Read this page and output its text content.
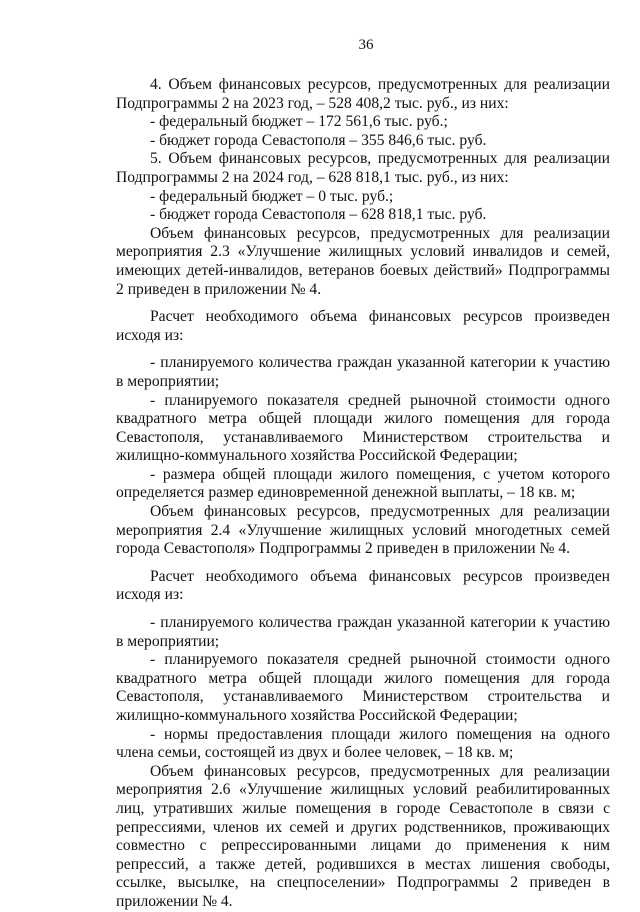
36

4. Объем финансовых ресурсов, предусмотренных для реализации Подпрограммы 2 на 2023 год, – 528 408,2 тыс. руб., из них:

- федеральный бюджет – 172 561,6 тыс. руб.;

- бюджет города Севастополя – 355 846,6 тыс. руб.

5. Объем финансовых ресурсов, предусмотренных для реализации Подпрограммы 2 на 2024 год, – 628 818,1 тыс. руб., из них:

- федеральный бюджет – 0 тыс. руб.;

- бюджет города Севастополя – 628 818,1 тыс. руб.

Объем финансовых ресурсов, предусмотренных для реализации мероприятия 2.3 «Улучшение жилищных условий инвалидов и семей, имеющих детей-инвалидов, ветеранов боевых действий» Подпрограммы 2 приведен в приложении № 4.

Расчет необходимого объема финансовых ресурсов произведен исходя из:

- планируемого количества граждан указанной категории к участию в мероприятии;

- планируемого показателя средней рыночной стоимости одного квадратного метра общей площади жилого помещения для города Севастополя, устанавливаемого Министерством строительства и жилищно-коммунального хозяйства Российской Федерации;

- размера общей площади жилого помещения, с учетом которого определяется размер единовременной денежной выплаты, – 18 кв. м;

Объем финансовых ресурсов, предусмотренных для реализации мероприятия 2.4 «Улучшение жилищных условий многодетных семей города Севастополя» Подпрограммы 2 приведен в приложении № 4.

Расчет необходимого объема финансовых ресурсов произведен исходя из:

- планируемого количества граждан указанной категории к участию в мероприятии;

- планируемого показателя средней рыночной стоимости одного квадратного метра общей площади жилого помещения для города Севастополя, устанавливаемого Министерством строительства и жилищно-коммунального хозяйства Российской Федерации;

- нормы предоставления площади жилого помещения на одного члена семьи, состоящей из двух и более человек, – 18 кв. м;

Объем финансовых ресурсов, предусмотренных для реализации мероприятия 2.6 «Улучшение жилищных условий реабилитированных лиц, утративших жилые помещения в городе Севастополе в связи с репрессиями, членов их семей и других родственников, проживающих совместно с репрессированными лицами до применения к ним репрессий, а также детей, родившихся в местах лишения свободы, ссылке, высылке, на спецпоселении» Подпрограммы 2 приведен в приложении № 4.
